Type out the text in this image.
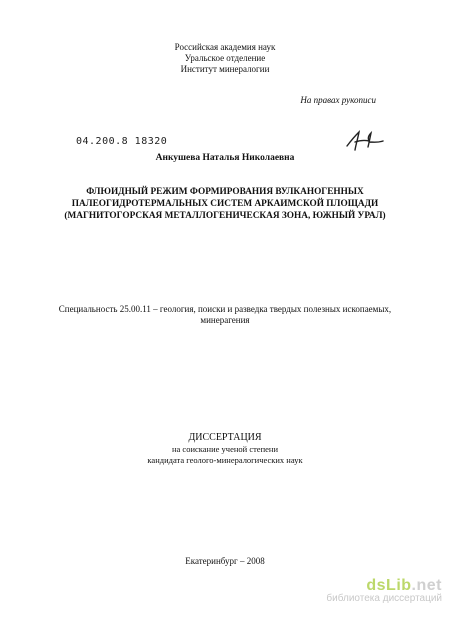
Российская академия наук
Уральское отделение
Институт минералогии
На правах рукописи
04.200.8 18320
Анкушева Наталья Николаевна
ФЛЮИДНЫЙ РЕЖИМ ФОРМИРОВАНИЯ ВУЛКАНОГЕННЫХ
ПАЛЕОГИДРОТЕРМАЛЬНЫХ СИСТЕМ АРКАИМСКОЙ ПЛОЩАДИ
(МАГНИТОГОРСКАЯ МЕТАЛЛОГЕНИЧЕСКАЯ ЗОНА, ЮЖНЫЙ УРАЛ)
Специальность 25.00.11 – геология, поиски и разведка твердых полезных ископаемых,
минерагения
ДИССЕРТАЦИЯ
на соискание ученой степени
кандидата геолого-минералогических наук
Екатеринбург – 2008
dsLib.net
библиотека диссертаций
